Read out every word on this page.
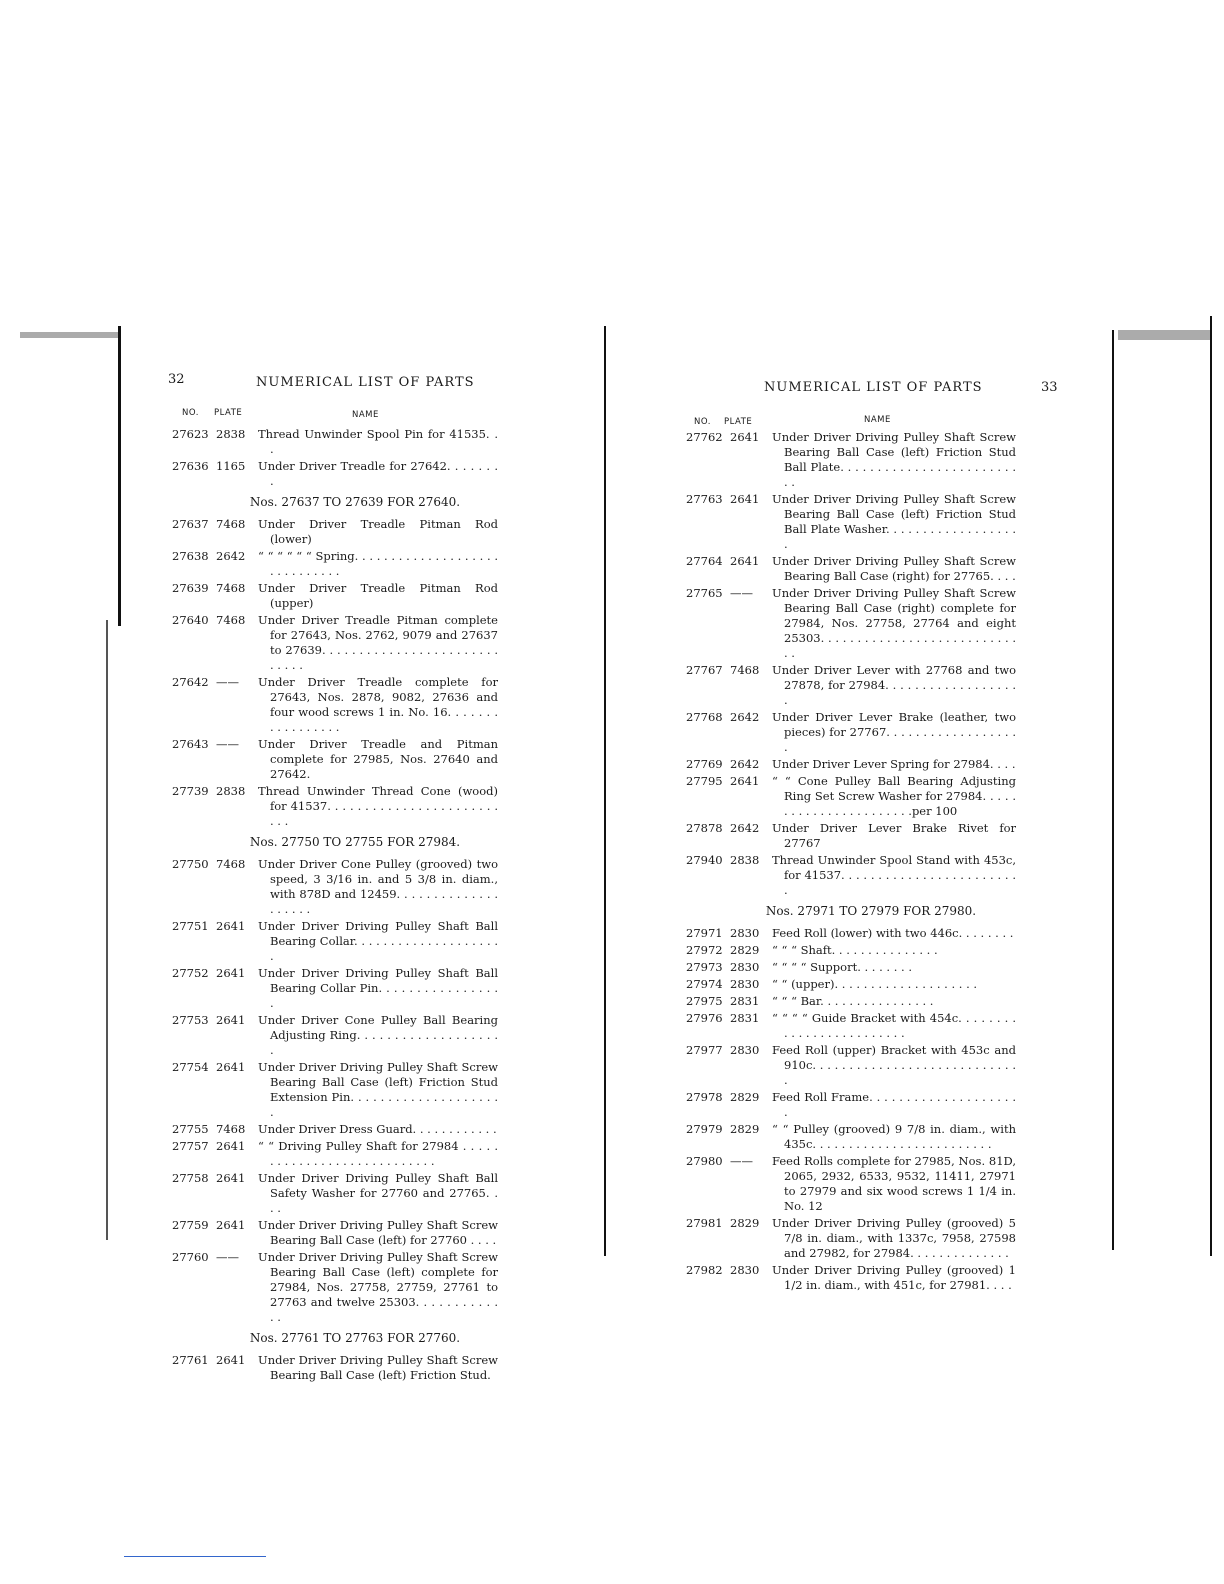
32	NUMERICAL LIST OF PARTS
NO. PLATE	NAME
27623 2838	Thread Unwinder Spool Pin for 41535. . .
27636 1165	Under Driver Treadle for 27642. . . . . . . .
Nos. 27637 TO 27639 FOR 27640.
27637 7468	Under Driver Treadle Pitman Rod (lower)
27638 2642	“ “ “ “ “ “ Spring. . . . . . . . . . . . . . . . . . . . . . . . . . . . . .
27639 7468	Under Driver Treadle Pitman Rod (upper)
27640 7468	Under Driver Treadle Pitman complete for 27643, Nos. 2762, 9079 and 27637 to 27639. . . . . . . . . . . . . . . . . . . . . . . . . . . . .
27642 ——	Under Driver Treadle complete for 27643, Nos. 2878, 9082, 27636 and four wood screws 1 in. No. 16. . . . . . . . . . . . . . . . .
27643 ——	Under Driver Treadle and Pitman complete for 27985, Nos. 27640 and 27642.
27739 2838	Thread Unwinder Thread Cone (wood) for 41537. . . . . . . . . . . . . . . . . . . . . . . . . .
Nos. 27750 TO 27755 FOR 27984.
27750 7468	Under Driver Cone Pulley (grooved) two speed, 3 3/16 in. and 5 3/8 in. diam., with 878D and 12459. . . . . . . . . . . . . . . . . . . .
27751 2641	Under Driver Driving Pulley Shaft Ball Bearing Collar. . . . . . . . . . . . . . . . . . . . .
27752 2641	Under Driver Driving Pulley Shaft Ball Bearing Collar Pin. . . . . . . . . . . . . . . . .
27753 2641	Under Driver Cone Pulley Ball Bearing Adjusting Ring. . . . . . . . . . . . . . . . . . . .
27754 2641	Under Driver Driving Pulley Shaft Screw Bearing Ball Case (left) Friction Stud Extension Pin. . . . . . . . . . . . . . . . . . . . .
27755 7468	Under Driver Dress Guard. . . . . . . . . . . .
27757 2641	“ “ Driving Pulley Shaft for 27984 . . . . . . . . . . . . . . . . . . . . . . . . . . . .
27758 2641	Under Driver Driving Pulley Shaft Ball Safety Washer for 27760 and 27765. . . .
27759 2641	Under Driver Driving Pulley Shaft Screw Bearing Ball Case (left) for 27760 . . . .
27760 ——	Under Driver Driving Pulley Shaft Screw Bearing Ball Case (left) complete for 27984, Nos. 27758, 27759, 27761 to 27763 and twelve 25303. . . . . . . . . . . . .
Nos. 27761 TO 27763 FOR 27760.
27761 2641	Under Driver Driving Pulley Shaft Screw Bearing Ball Case (left) Friction Stud.
NUMERICAL LIST OF PARTS	33
NO. PLATE	NAME
27762 2641	Under Driver Driving Pulley Shaft Screw Bearing Ball Case (left) Friction Stud Ball Plate. . . . . . . . . . . . . . . . . . . . . . . . . .
27763 2641	Under Driver Driving Pulley Shaft Screw Bearing Ball Case (left) Friction Stud Ball Plate Washer. . . . . . . . . . . . . . . . . . .
27764 2641	Under Driver Driving Pulley Shaft Screw Bearing Ball Case (right) for 27765. . . .
27765 ——	Under Driver Driving Pulley Shaft Screw Bearing Ball Case (right) complete for 27984, Nos. 27758, 27764 and eight 25303. . . . . . . . . . . . . . . . . . . . . . . . . . . . .
27767 7468	Under Driver Lever with 27768 and two 27878, for 27984. . . . . . . . . . . . . . . . . . .
27768 2642	Under Driver Lever Brake (leather, two pieces) for 27767. . . . . . . . . . . . . . . . . . .
27769 2642	Under Driver Lever Spring for 27984. . . .
27795 2641	“ “ Cone Pulley Ball Bearing Adjusting Ring Set Screw Washer for 27984. . . . . . . . . . . . . . . . . . . . . . .per 100
27878 2642	Under Driver Lever Brake Rivet for 27767
27940 2838	Thread Unwinder Spool Stand with 453c, for 41537. . . . . . . . . . . . . . . . . . . . . . . . .
Nos. 27971 TO 27979 FOR 27980.
27971 2830	Feed Roll (lower) with two 446c. . . . . . . .
27972 2829	“ “ “ Shaft. . . . . . . . . . . . . . .
27973 2830	“ “ “ “ Support. . . . . . . .
27974 2830	“ “ (upper). . . . . . . . . . . . . . . . . . . .
27975 2831	“ “ “ Bar. . . . . . . . . . . . . . . .
27976 2831	“ “ “ “ Guide Bracket with 454c. . . . . . . . . . . . . . . . . . . . . . . . .
27977 2830	Feed Roll (upper) Bracket with 453c and 910c. . . . . . . . . . . . . . . . . . . . . . . . . . . . .
27978 2829	Feed Roll Frame. . . . . . . . . . . . . . . . . . . . .
27979 2829	“ “ Pulley (grooved) 9 7/8 in. diam., with 435c. . . . . . . . . . . . . . . . . . . . . . . . .
27980 ——	Feed Rolls complete for 27985, Nos. 81D, 2065, 2932, 6533, 9532, 11411, 27971 to 27979 and six wood screws 1 1/4 in. No. 12
27981 2829	Under Driver Driving Pulley (grooved) 5 7/8 in. diam., with 1337c, 7958, 27598 and 27982, for 27984. . . . . . . . . . . . . .
27982 2830	Under Driver Driving Pulley (grooved) 1 1/2 in. diam., with 451c, for 27981. . . .
